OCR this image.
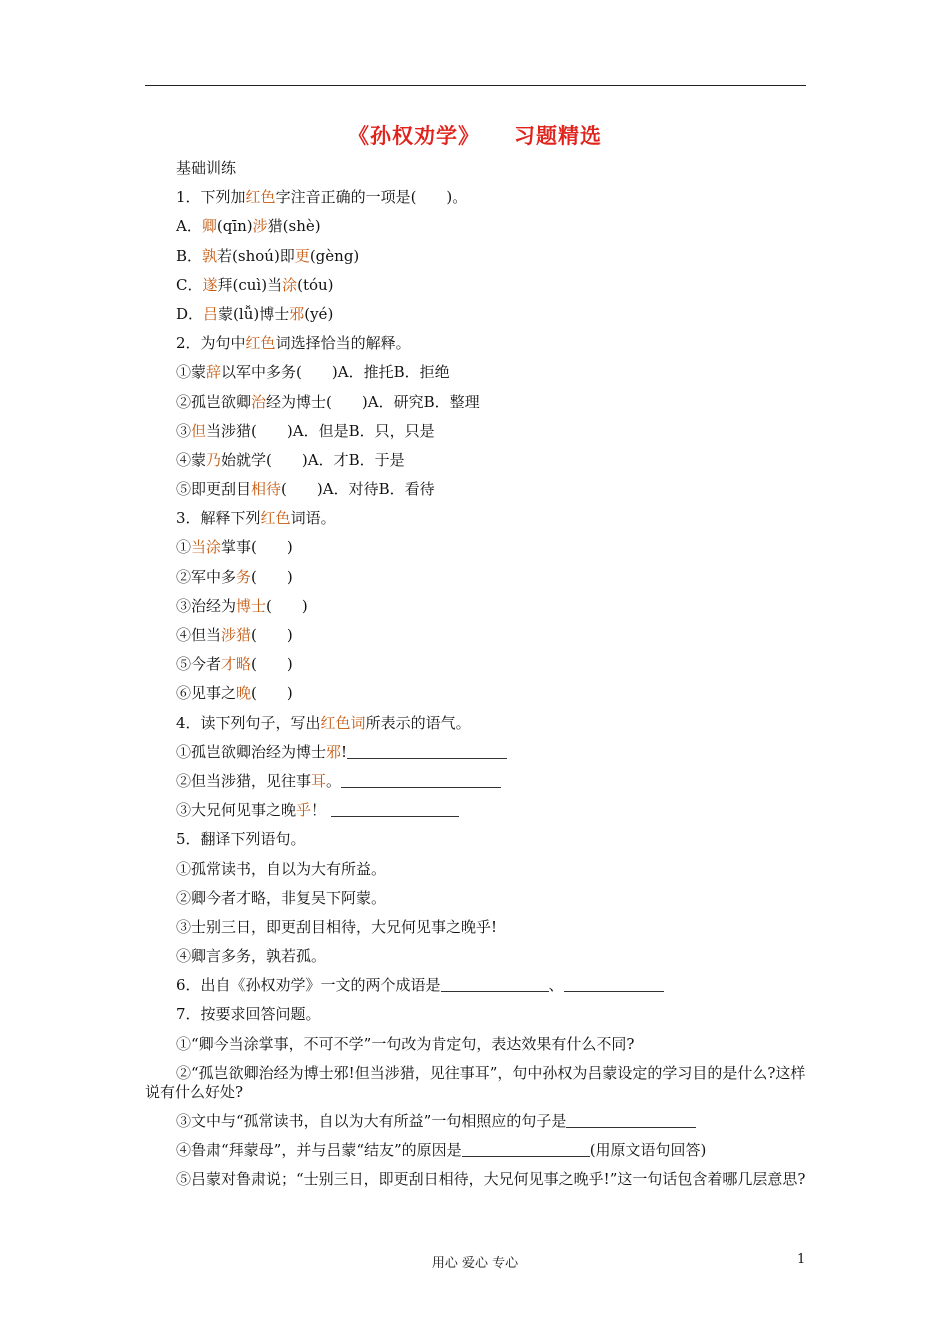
《孙权劝学》 习题精选
基础训练
1．下列加红色字注音正确的一项是(　　)。
A．卿(qīn)涉猎(shè)
B．孰若(shoú)即更(gèng)
C．遂拜(cuì)当涂(tóu)
D．吕蒙(lǚ)博士邪(yé)
2．为句中红色词选择恰当的解释。
①蒙辞以军中多务(　　)A．推托B．拒绝
②孤岂欲卿治经为博士(　　)A．研究B．整理
③但当涉猎(　　)A．但是B．只，只是
④蒙乃始就学(　　)A．才B．于是
⑤即更刮目相待(　　)A．对待B．看待
3．解释下列红色词语。
①当涂掌事(　　)
②军中多务(　　)
③治经为博士(　　)
④但当涉猎(　　)
⑤今者才略(　　)
⑥见事之晚(　　)
4．读下列句子，写出红色词所表示的语气。
①孤岂欲卿治经为博士邪!
②但当涉猎，见往事耳。
③大兄何见事之晚乎！
5．翻译下列语句。
①孤常读书，自以为大有所益。
②卿今者才略，非复吴下阿蒙。
③士别三日，即更刮目相待，大兄何见事之晚乎!
④卿言多务，孰若孤。
6．出自《孙权劝学》一文的两个成语是	、
7．按要求回答问题。
①“卿今当涂掌事，不可不学”一句改为肯定句，表达效果有什么不同?
②“孤岂欲卿治经为博士邪!但当涉猎，见往事耳”，句中孙权为吕蒙设定的学习目的是什么?这样说有什么好处?
③文中与“孤常读书，自以为大有所益”一句相照应的句子是
④鲁肃“拜蒙母”，并与吕蒙“结友”的原因是	(用原文语句回答)
⑤吕蒙对鲁肃说；“士别三日，即更刮日相待，大兄何见事之晚乎!”这一句话包含着哪几层意思?
用心 爱心 专心	1
